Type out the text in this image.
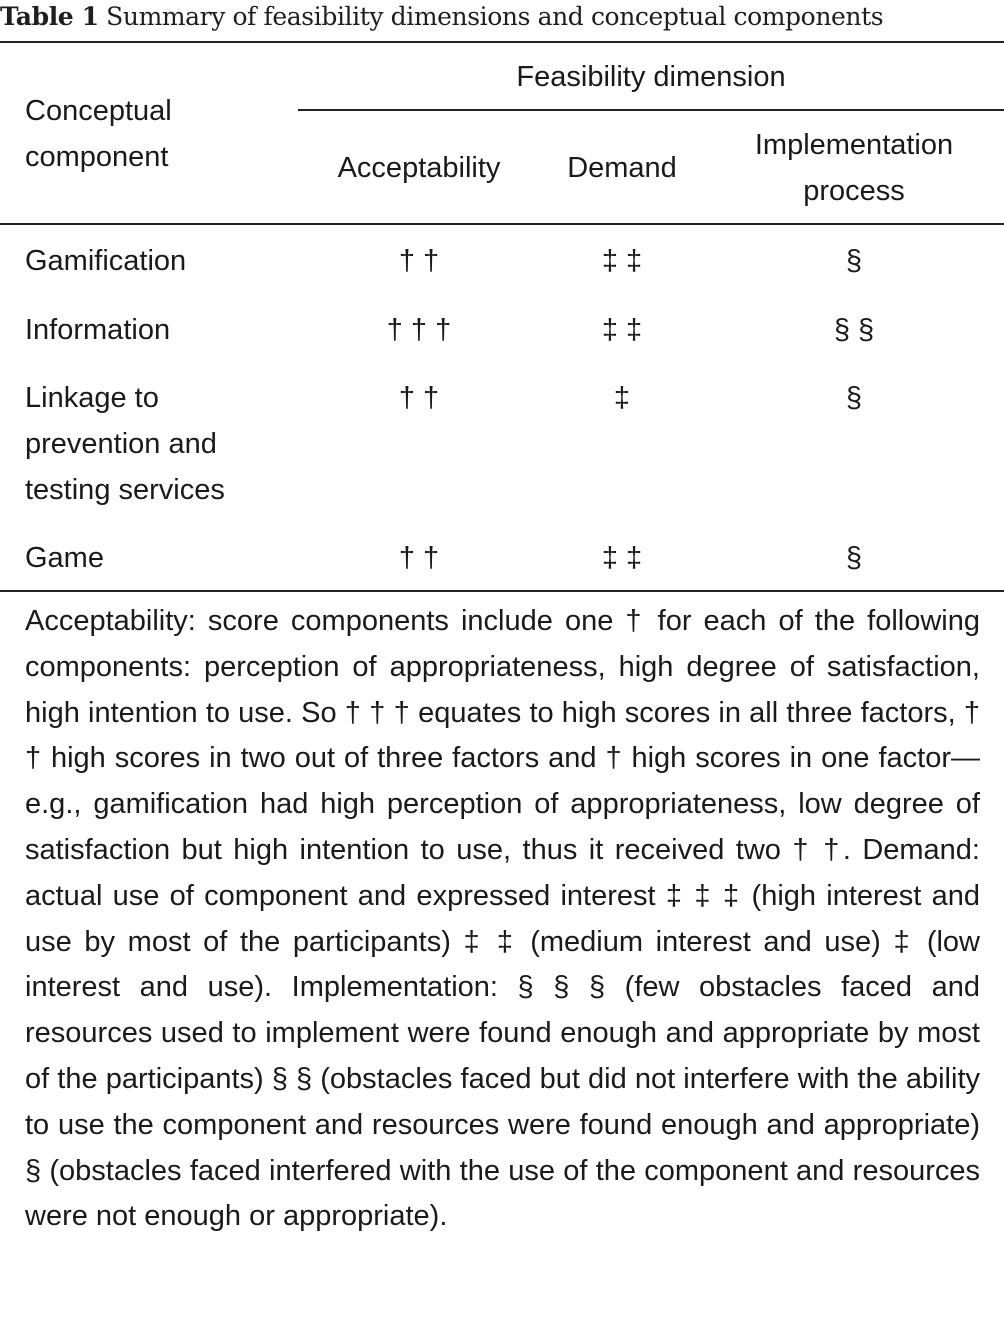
Table 1 Summary of feasibility dimensions and conceptual components
Conceptual
component
Feasibility dimension
Acceptability	Demand
Implementation
process
Gamification	† †	‡ ‡	§
Information	† † †	‡ ‡	§ §
Linkage to
prevention and
testing services
† †	‡	§
Game	† †	‡ ‡	§
Acceptability: score components include one † for each of the following components: perception of appropriateness, high degree of satisfaction, high intention to use. So † † † equates to high scores in all three factors, † † high scores in two out of three factors and † high scores in one factor—e.g., gamification had high perception of appropriateness, low degree of satisfaction but high intention to use, thus it received two † †. Demand: actual use of component and expressed interest ‡ ‡ ‡ (high interest and use by most of the participants) ‡ ‡ (medium interest and use) ‡ (low interest and use). Implementation: § § § (few obstacles faced and resources used to implement were found enough and appropriate by most of the participants) § § (obstacles faced but did not interfere with the ability to use the component and resources were found enough and appropriate) § (obstacles faced interfered with the use of the component and resources were not enough or appropriate).
